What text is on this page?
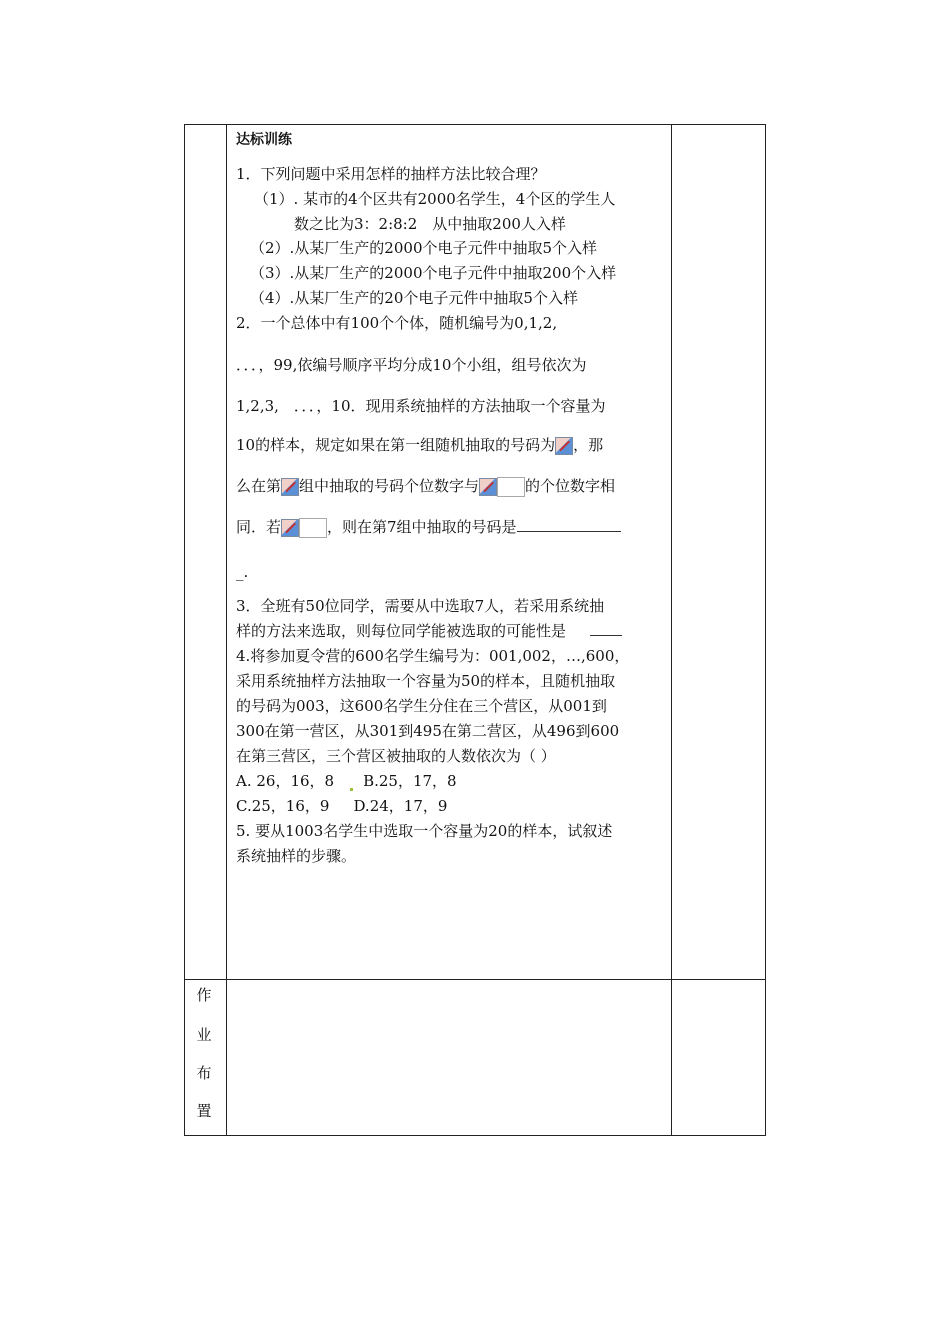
达标训练
1．下列问题中采用怎样的抽样方法比较合理？
（1）. 某市的4个区共有2000名学生，4个区的学生人
数之比为3：2:8:2　从中抽取200人入样
（2）.从某厂生产的2000个电子元件中抽取5个入样
（3）.从某厂生产的2000个电子元件中抽取200个入样
（4）.从某厂生产的20个电子元件中抽取5个入样
2．一个总体中有100个个体，随机编号为0,1,2,
．．．，99,依编号顺序平均分成10个小组，组号依次为
1,2,3,　．．．，10．现用系统抽样的方法抽取一个容量为
10的样本，规定如果在第一组随机抽取的号码为 ，那
么在第 组中抽取的号码个位数字与	的个位数字相
同．若	，则在第7组中抽取的号码是
_.
3．全班有50位同学，需要从中选取7人，若采用系统抽
样的方法来选取，则每位同学能被选取的可能性是
4.将参加夏令营的600名学生编号为：001,002，…,600，
采用系统抽样方法抽取一个容量为50的样本，且随机抽取
的号码为003，这600名学生分住在三个营区，从001到
300在第一营区，从301到495在第二营区，从496到600
在第三营区，三个营区被抽取的人数依次为（ ）
A. 26，16，8 B.25，17，8
C.25，16，9 D.24，17，9
5. 要从1003名学生中选取一个容量为20的样本，试叙述
系统抽样的步骤。
作
业
布
置
